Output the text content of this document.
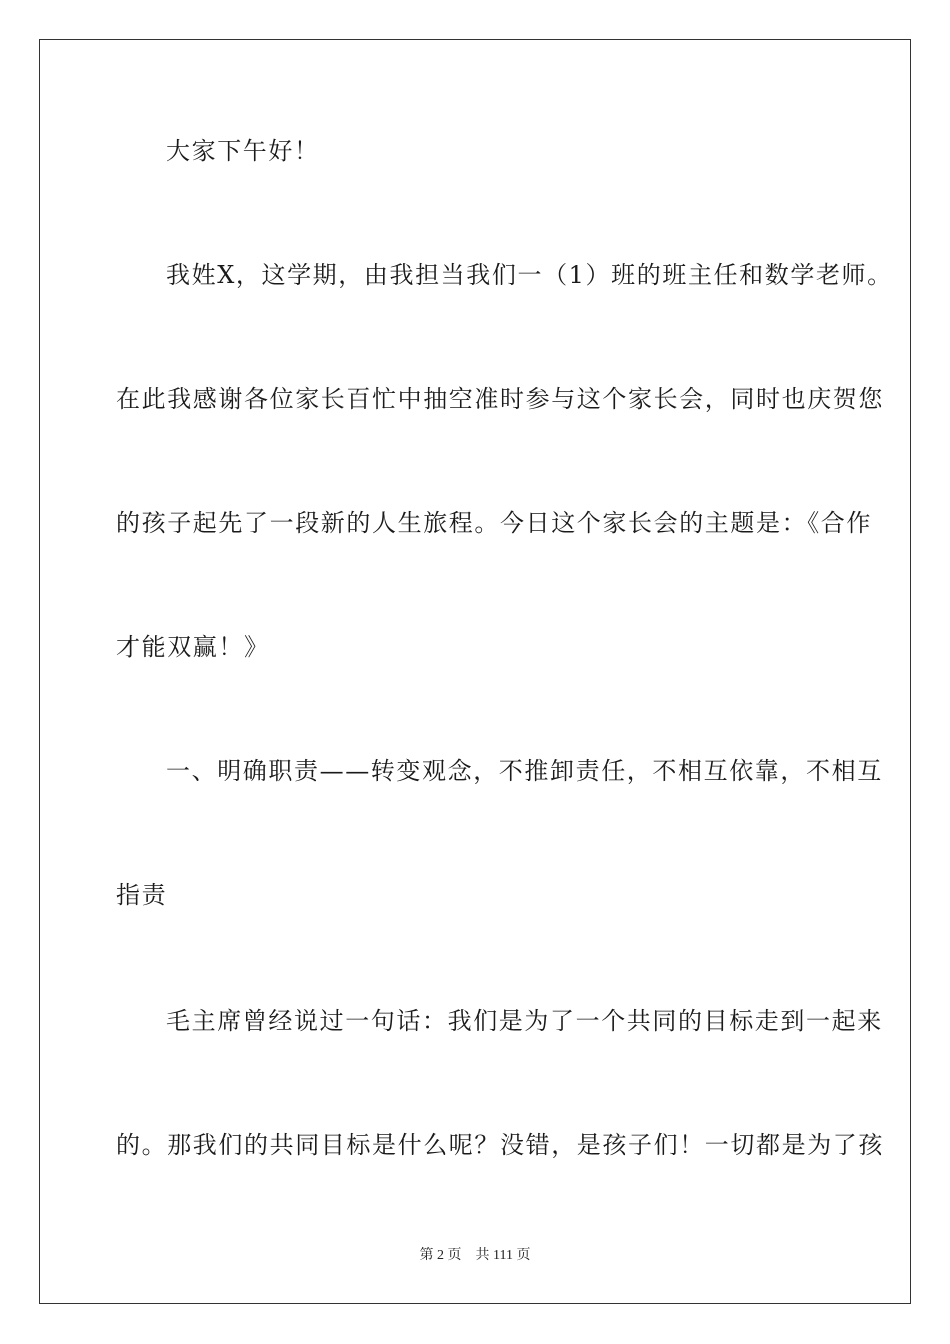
大家下午好！

我姓X，这学期，由我担当我们一（1）班的班主任和数学老师。

在此我感谢各位家长百忙中抽空准时参与这个家长会，同时也庆贺您

的孩子起先了一段新的人生旅程。今日这个家长会的主题是：《合作

才能双赢！》

一、明确职责——转变观念，不推卸责任，不相互依靠，不相互

指责

毛主席曾经说过一句话：我们是为了一个共同的目标走到一起来

的。那我们的共同目标是什么呢？没错，是孩子们！一切都是为了孩

第 2 页 共 111 页
